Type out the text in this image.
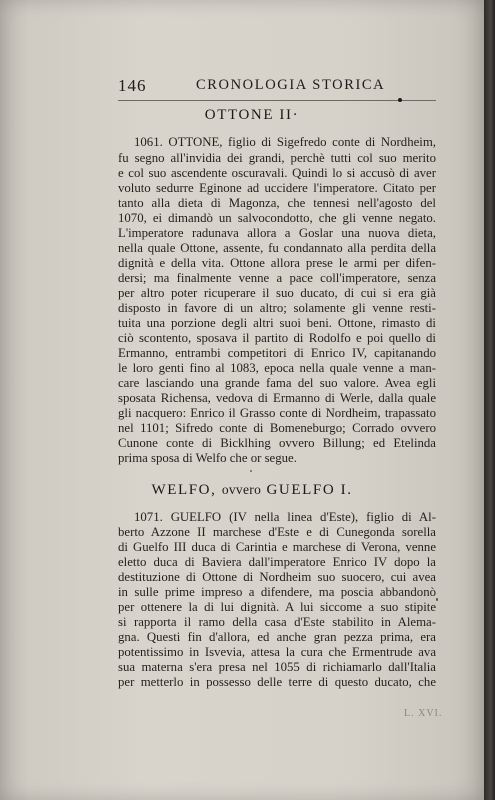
146	CRONOLOGIA STORICA
OTTONE II·
1061. OTTONE, figlio di Sigefredo conte di Nordheim,
fu segno all'invidia dei grandi, perchè tutti col suo merito
e col suo ascendente oscuravali. Quindi lo si accusò di aver
voluto sedurre Eginone ad uccidere l'imperatore. Citato per
tanto alla dieta di Magonza, che tennesi nell'agosto del
1070, ei dimandò un salvocondotto, che gli venne negato.
L'imperatore radunava allora a Goslar una nuova dieta,
nella quale Ottone, assente, fu condannato alla perdita della
dignità e della vita. Ottone allora prese le armi per difen-
dersi; ma finalmente venne a pace coll'imperatore, senza
per altro poter ricuperare il suo ducato, di cui si era già
disposto in favore di un altro; solamente gli venne resti-
tuita una porzione degli altri suoi beni. Ottone, rimasto di
ciò scontento, sposava il partito di Rodolfo e poi quello di
Ermanno, entrambi competitori di Enrico IV, capitanando
le loro genti fino al 1083, epoca nella quale venne a man-
care lasciando una grande fama del suo valore. Avea egli
sposata Richensa, vedova di Ermanno di Werle, dalla quale
gli nacquero: Enrico il Grasso conte di Nordheim, trapassato
nel 1101; Sifredo conte di Bomeneburgo; Corrado ovvero
Cunone conte di Bicklhing ovvero Billung; ed Etelinda
prima sposa di Welfo che or segue.
WELFO, ovvero GUELFO I.
1071. GUELFO (IV nella linea d'Este), figlio di Al-
berto Azzone II marchese d'Este e di Cunegonda sorella
di Guelfo III duca di Carintia e marchese di Verona, venne
eletto duca di Baviera dall'imperatore Enrico IV dopo la
destituzione di Ottone di Nordheim suo suocero, cui avea
in sulle prime impreso a difendere, ma poscia abbandonò
per ottenere la di lui dignità. A lui siccome a suo stipite
si rapporta il ramo della casa d'Este stabilito in Alema-
gna. Questi fin d'allora, ed anche gran pezza prima, era
potentissimo in Isvevia, attesa la cura che Ermentrude ava
sua materna s'era presa nel 1055 di richiamarlo dall'Italia
per metterlo in possesso delle terre di questo ducato, che
L. XVI.
